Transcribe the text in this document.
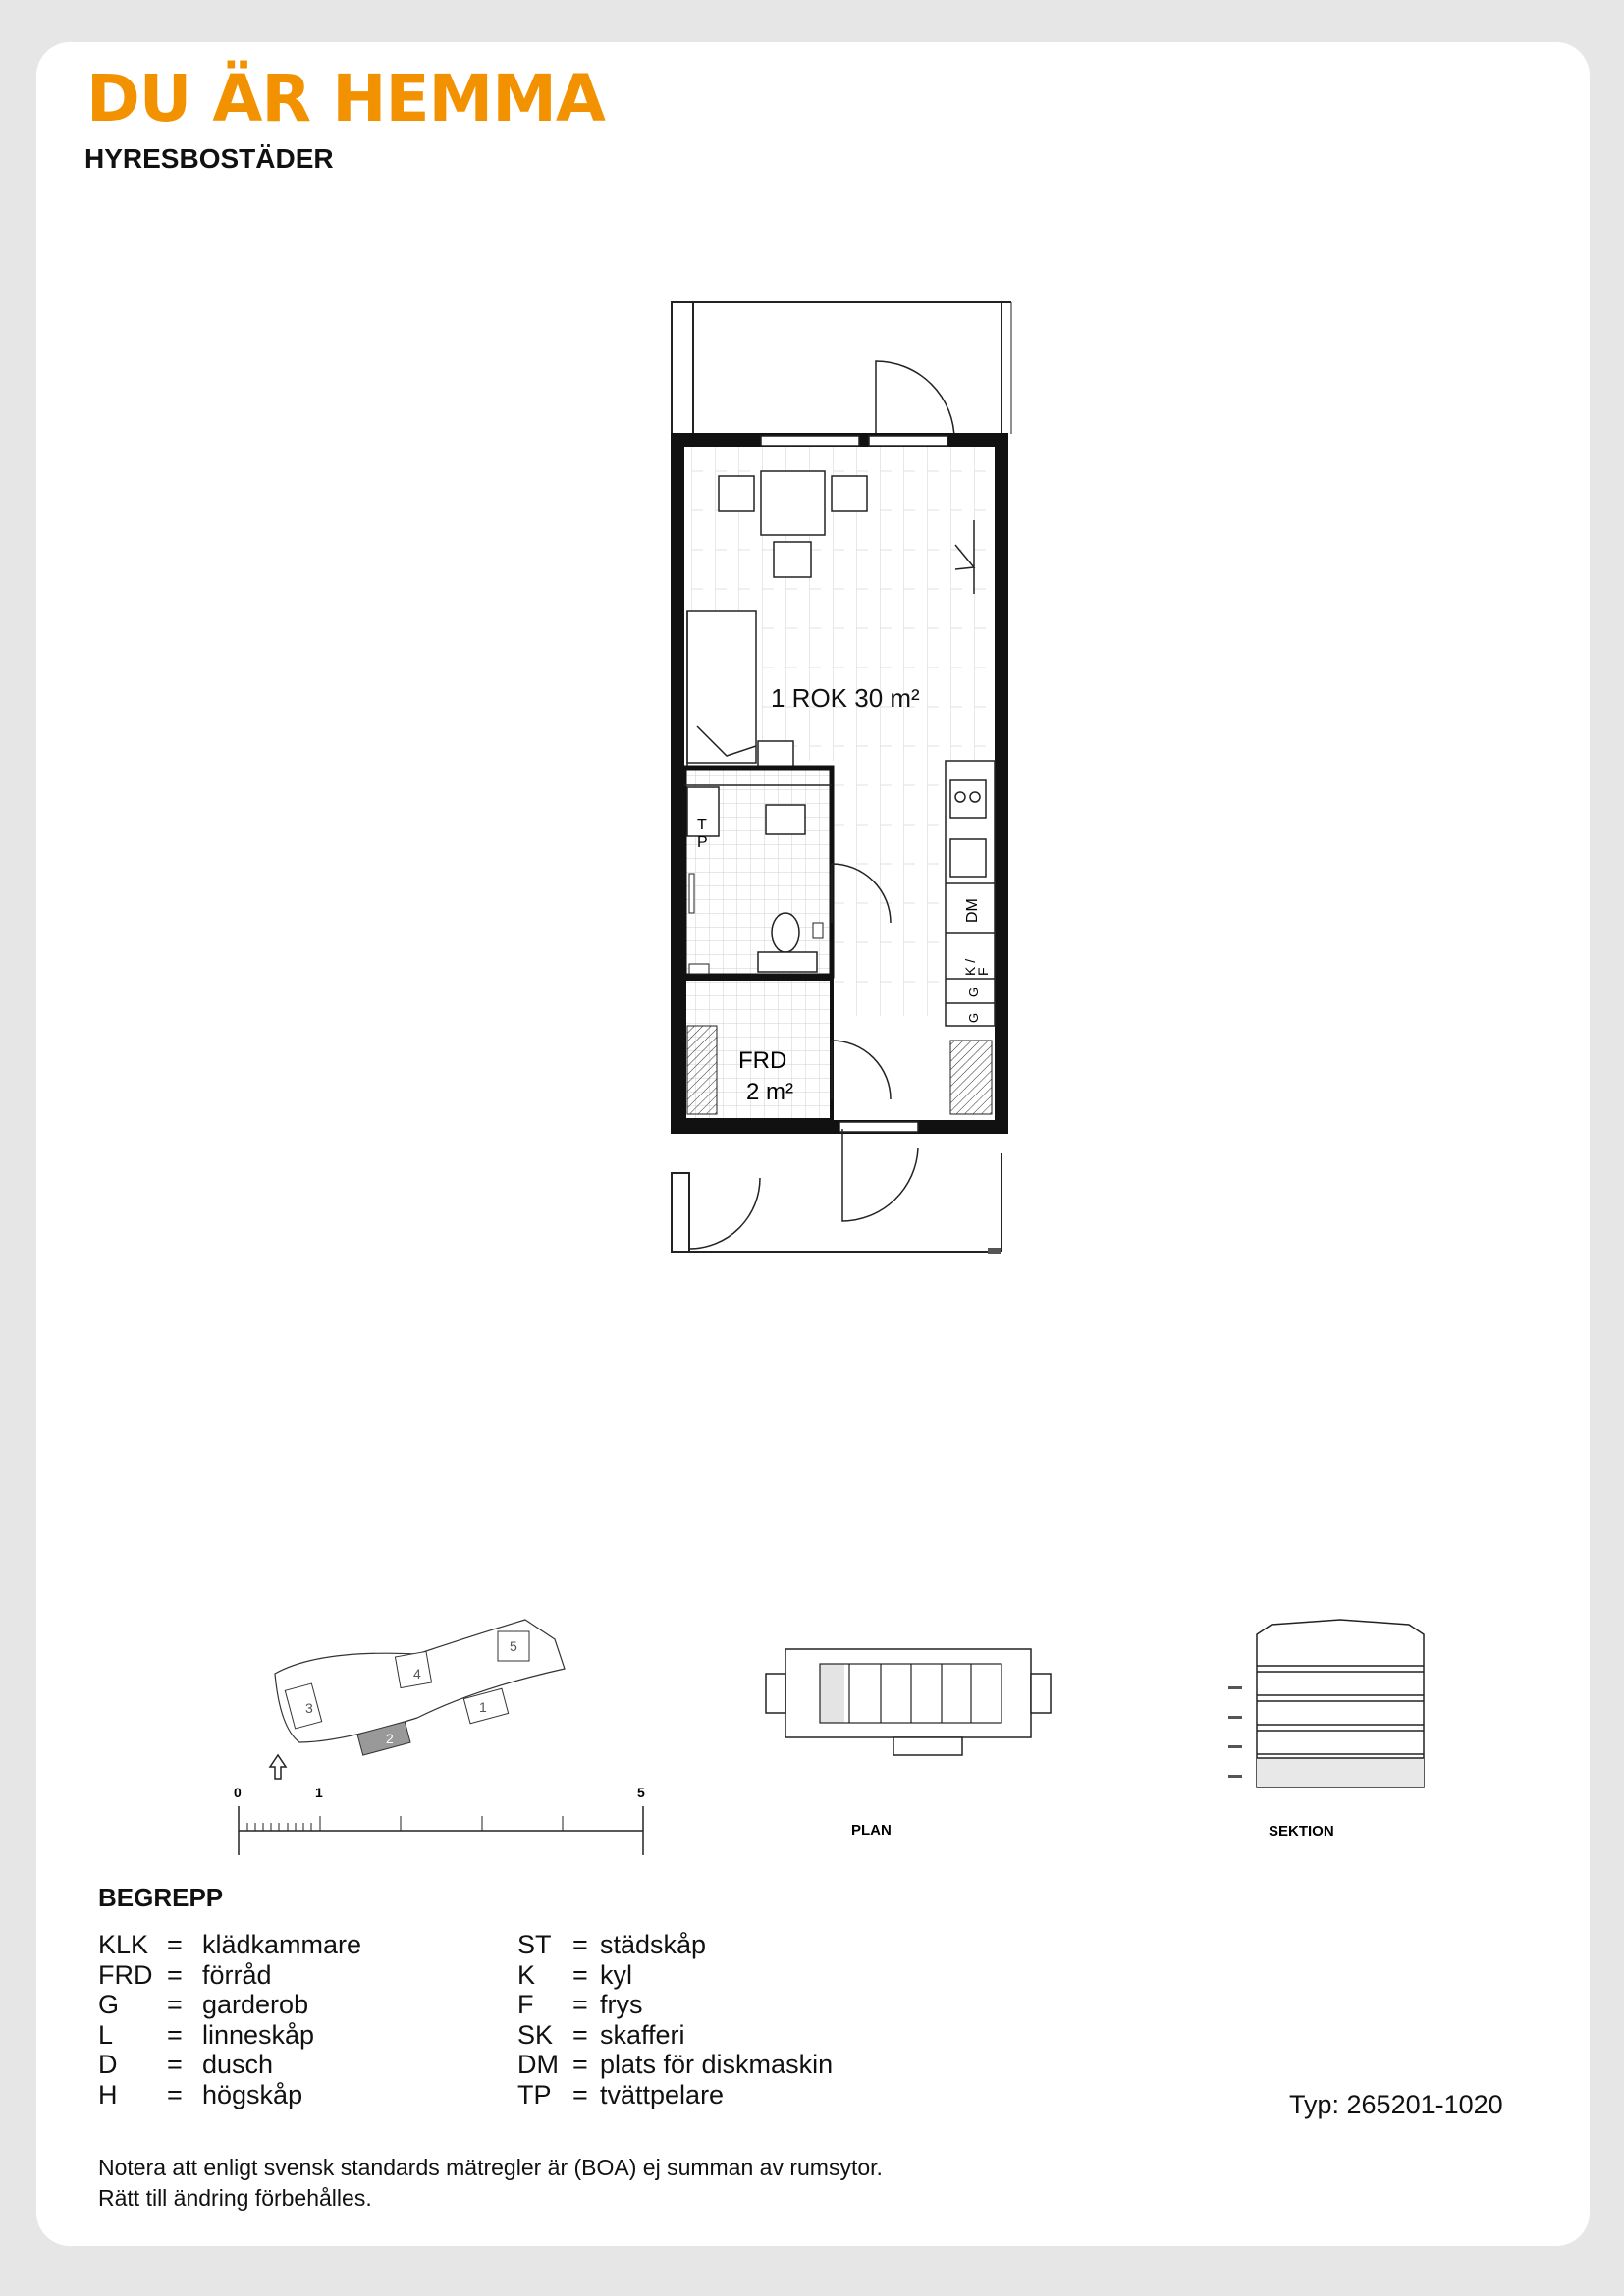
DU ÄR HEMMA
HYRESBOSTÄDER
1 ROK 30 m²
T
P
DM
K /
F
G
G
FRD
2 m²
3
4
5
1
2
0	1	5
PLAN	SEKTION
BEGREPP
KLK = klädkammare
FRD = förråd
G	= garderob
L	= linneskåp
D	= dusch
H	= högskåp
ST = städskåp
K	= kyl
F	= frys
SK = skafferi
DM = plats för diskmaskin
TP = tvättpelare	Typ: 265201-1020
Notera att enligt svensk standards mätregler är (BOA) ej summan av rumsytor.
Rätt till ändring förbehålles.
